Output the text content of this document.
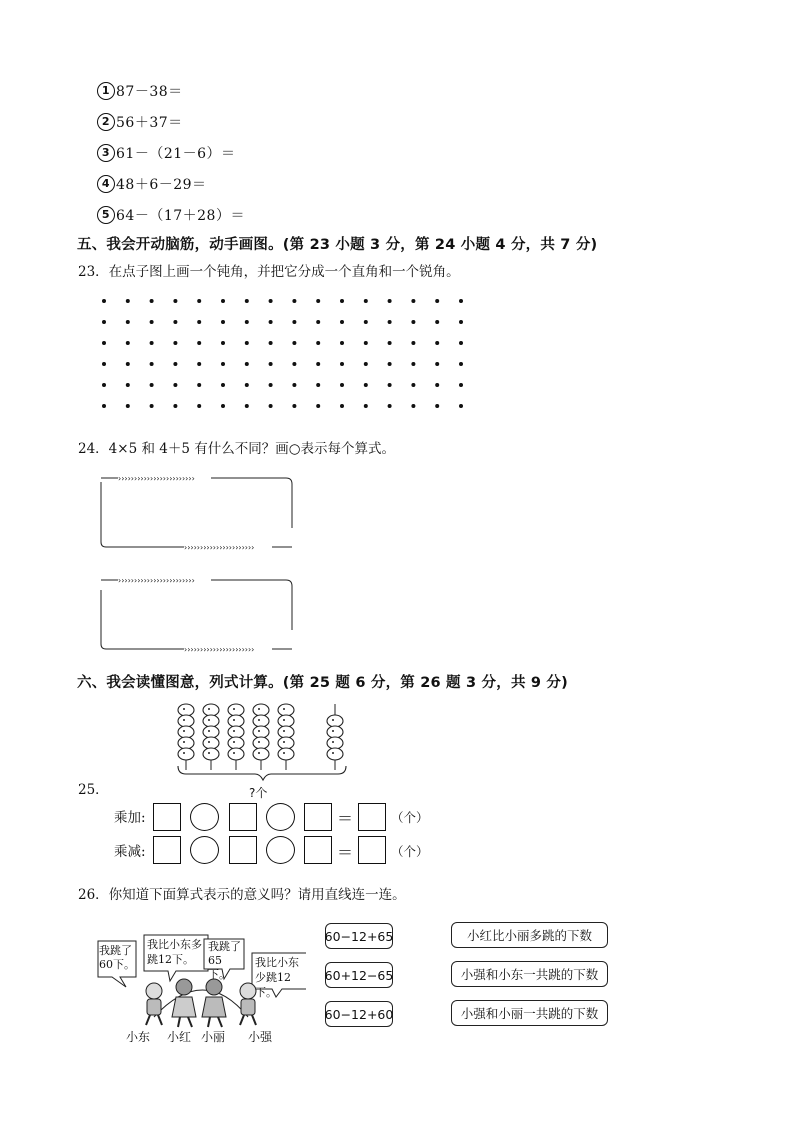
1 87－38＝
2 56＋37＝
3 61－（21－6）＝
4 48＋6－29＝
5 64－（17＋28）＝
五、我会开动脑筋，动手画图。(第 23 小题 3 分，第 24 小题 4 分，共 7 分)
23．在点子图上画一个钝角，并把它分成一个直角和一个锐角。
24．4×5 和 4＋5 有什么不同？画○表示每个算式。
››››››››››››››››››››››››
››››››››››››››››››››››
››››››››››››››››››››››››
››››››››››››››››››››››
六、我会读懂图意，列式计算。(第 25 题 6 分，第 26 题 3 分，共 9 分)
?个
25．
乘加:	＝	（个）
乘减:	＝	（个）
26．你知道下面算式表示的意义吗？请用直线连一连。
我跳了60下。
我比小东多跳12下。
我跳了65下。
我比小东少跳12下。
小东 小红 小丽 小强
60−12+65
60+12−65
60−12+60
小红比小丽多跳的下数
小强和小东一共跳的下数
小强和小丽一共跳的下数
